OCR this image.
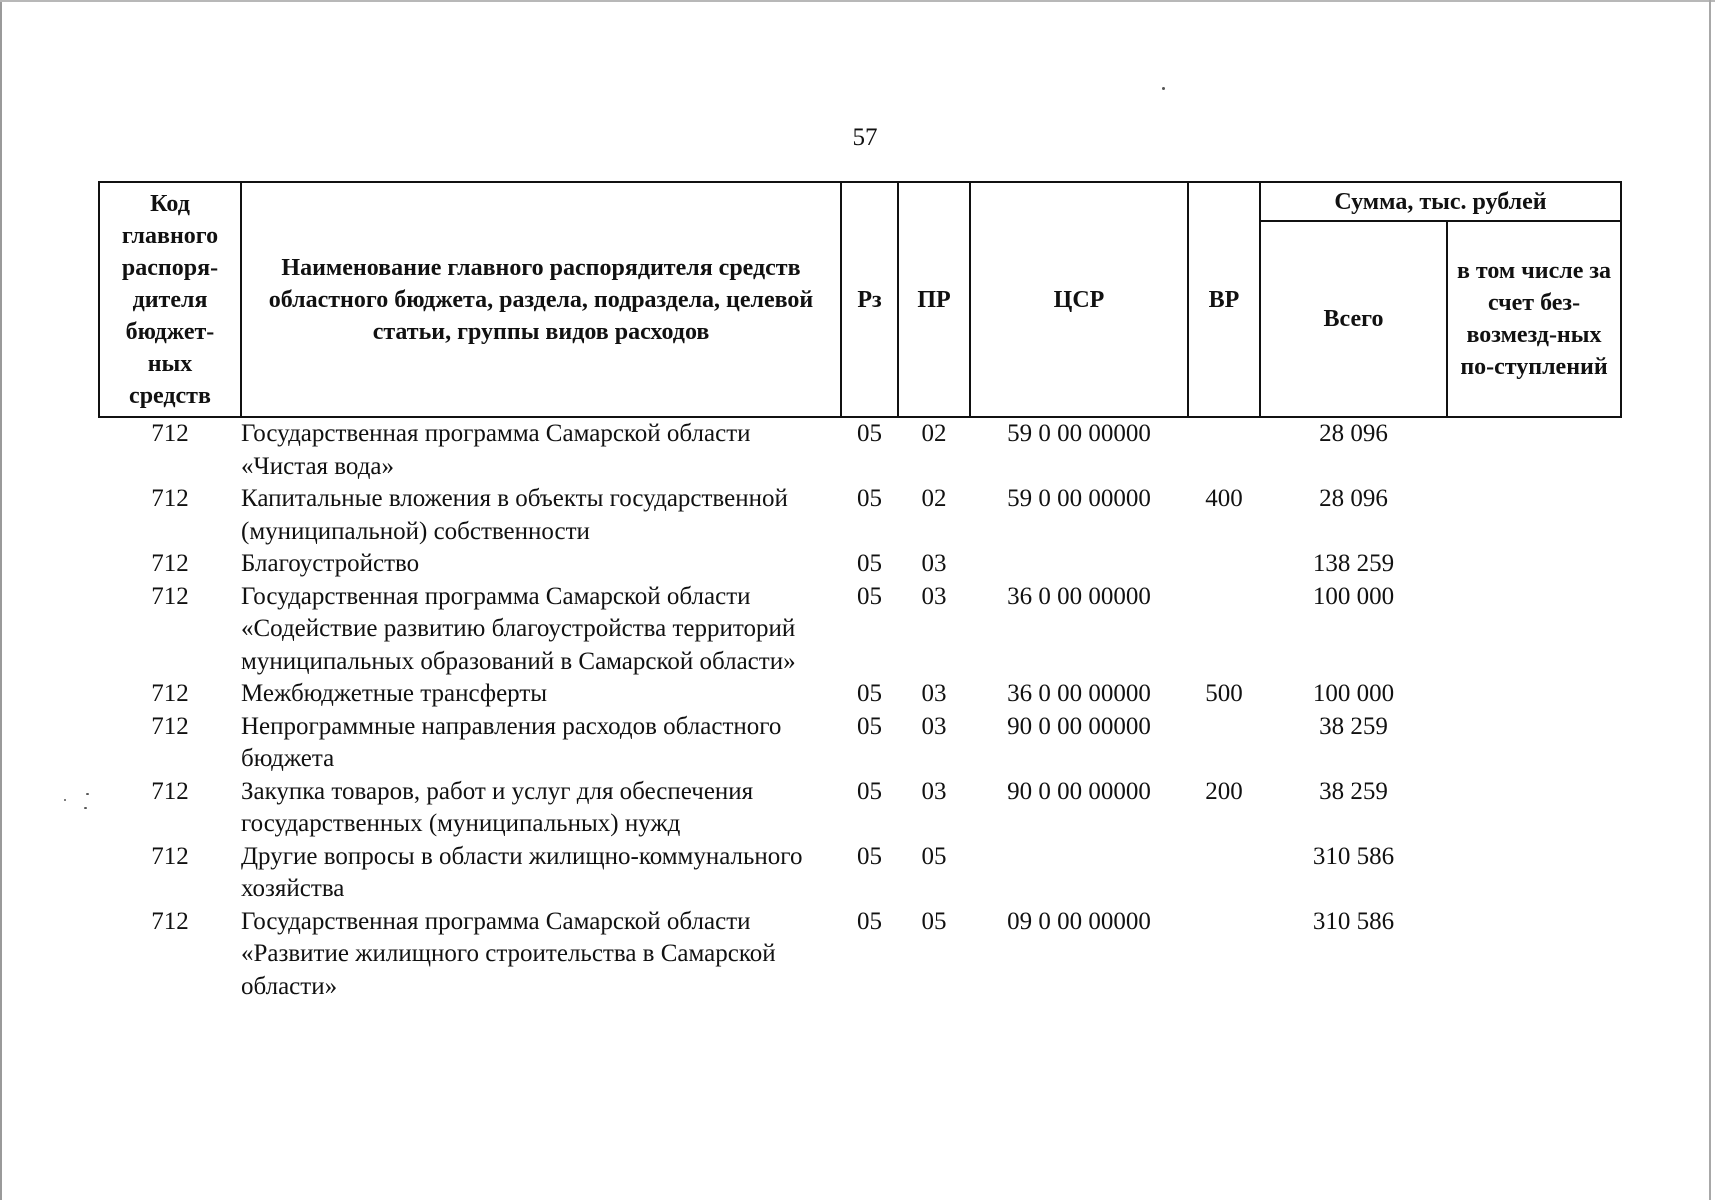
57
Код главного распоря-дителя бюджет-ных средств	Наименование главного распорядителя средств областного бюджета, раздела, подраздела, целевой статьи, группы видов расходов	Рз	ПР	ЦСР	ВР	Сумма, тыс. рублей	
						Всего	в том числе за счет без-возмезд-ных по-ступлений
712	Государственная программа Самарской области «Чистая вода»	05	02	59 0 00 00000		28 096	
712	Капитальные вложения в объекты государственной (муниципальной) собственности	05	02	59 0 00 00000	400	28 096	
712	Благоустройство	05	03			138 259	
712	Государственная программа Самарской области «Содействие развитию благоустройства территорий муниципальных образований в Самарской области»	05	03	36 0 00 00000		100 000	
712	Межбюджетные трансферты	05	03	36 0 00 00000	500	100 000	
712	Непрограммные направления расходов областного бюджета	05	03	90 0 00 00000		38 259	
712	Закупка товаров, работ и услуг для обеспечения государственных (муниципальных) нужд	05	03	90 0 00 00000	200	38 259	
712	Другие вопросы в области жилищно-коммунального хозяйства	05	05			310 586	
712	Государственная программа Самарской области «Развитие жилищного строительства в Самарской области»	05	05	09 0 00 00000		310 586	
